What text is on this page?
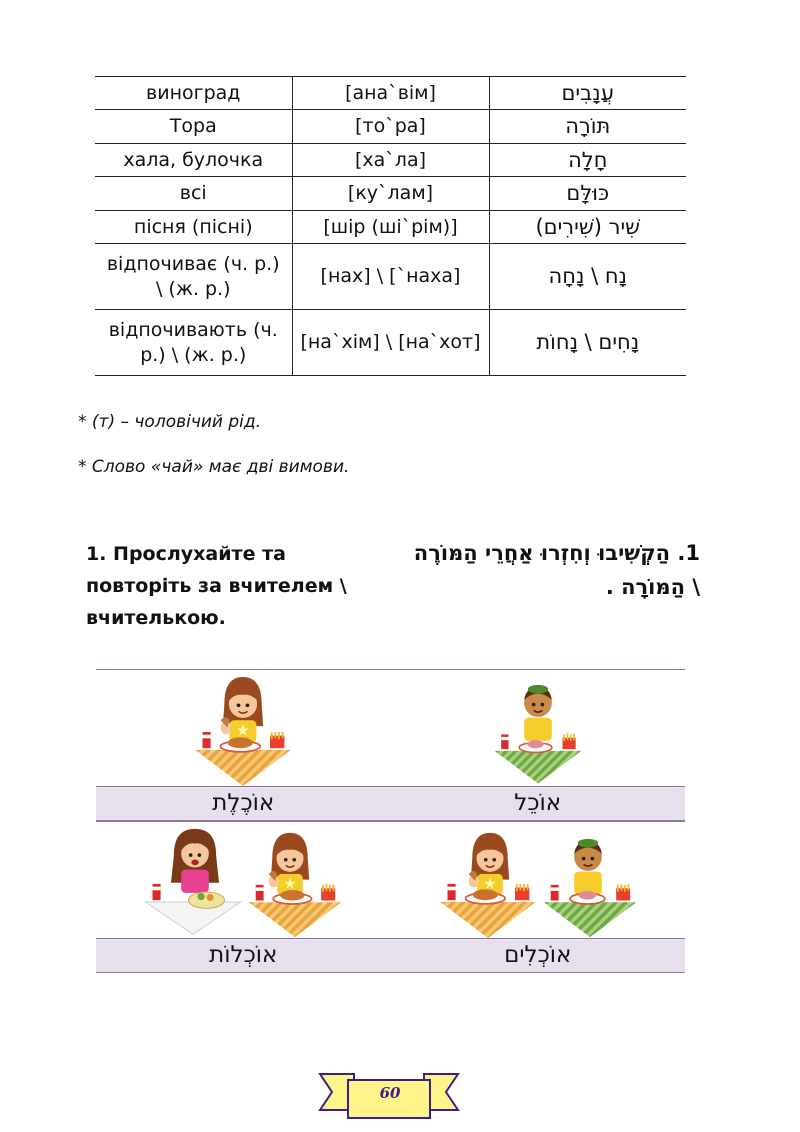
виноград	[ана`вім]	עֲנָבִים
Тора	[то`ра]	תּוֹרָה
хала, булочка	[ха`ла]	חָלָה
всі	[ку`лам]	כּוּלָּם
пісня (пісні)	[шір (ші`рім)]	שִׁיר (שִׁירִים)
відпочиває (ч. р.) \ (ж. р.)	[нах] \ [`наха]	נָח \ נָחָה
відпочивають (ч. р.) \ (ж. р.)	[на`хім] \ [на`хот]	נָחִים \ נָחוֹת
* (т) – чоловічий рід.
* Слово «чай» має дві вимови.
1. Прослухайте та повторіть за вчителем \ вчителькою.
1. הַקְשִׁיבוּ וְחִזְרוּ אַחֲרֵי הַמּוֹרֶה \ הַמּוֹרָה .
אוֹכֶלֶת	אוֹכֵל
אוֹכְלוֹת	אוֹכְלִים
60
